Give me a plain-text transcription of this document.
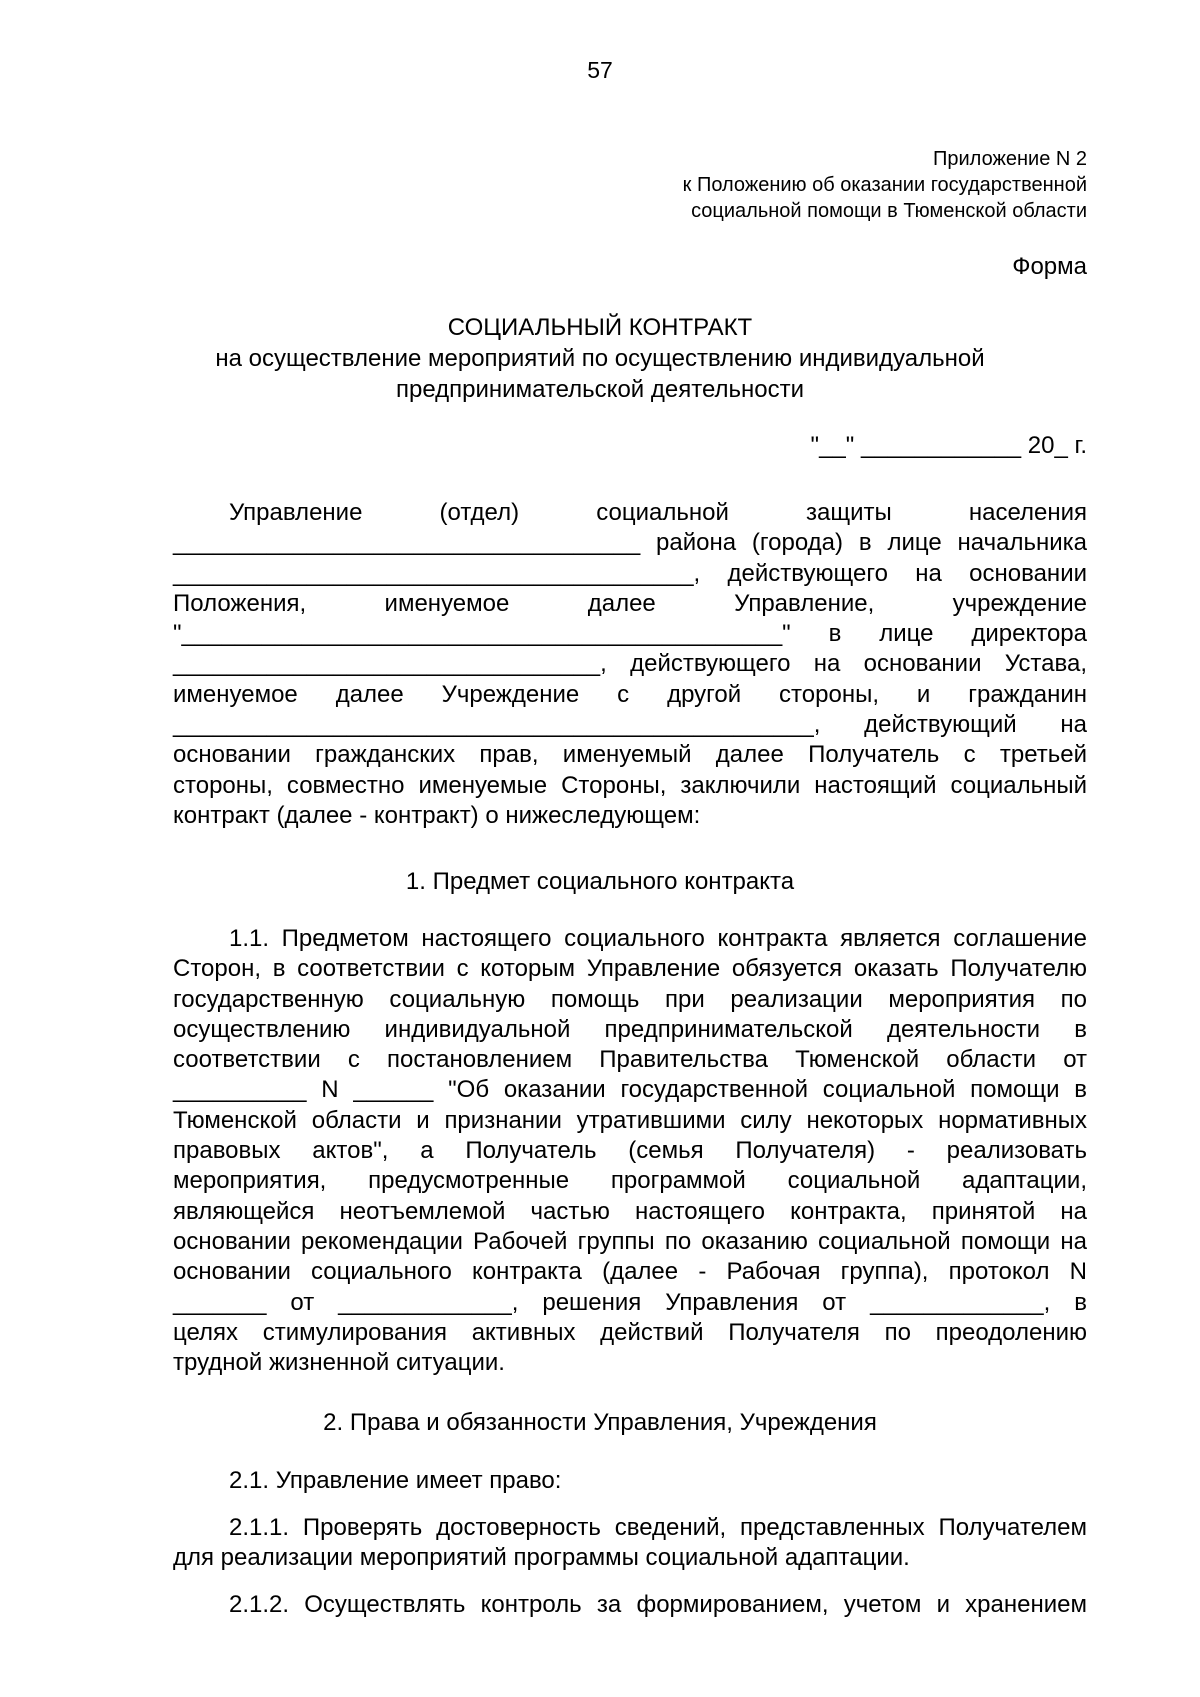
57
Приложение N 2
к Положению об оказании государственной
социальной помощи в Тюменской области
Форма
СОЦИАЛЬНЫЙ КОНТРАКТ
на осуществление мероприятий по осуществлению индивидуальной
предпринимательской деятельности
"__" ____________ 20_ г.
Управление (отдел) социальной защиты населения
___________________________________ района (города) в лице начальника
_______________________________________, действующего на основании
Положения, именуемое далее Управление, учреждение
"_____________________________________________" в лице директора
________________________________, действующего на основании Устава,
именуемое далее Учреждение с другой стороны, и гражданин
________________________________________________, действующий на
основании гражданских прав, именуемый далее Получатель с третьей
стороны, совместно именуемые Стороны, заключили настоящий социальный
контракт (далее - контракт) о нижеследующем:
1. Предмет социального контракта
1.1. Предметом настоящего социального контракта является соглашение
Сторон, в соответствии с которым Управление обязуется оказать Получателю
государственную социальную помощь при реализации мероприятия по
осуществлению индивидуальной предпринимательской деятельности в
соответствии с постановлением Правительства Тюменской области от
__________ N ______ "Об оказании государственной социальной помощи в
Тюменской области и признании утратившими силу некоторых нормативных
правовых актов", а Получатель (семья Получателя) - реализовать
мероприятия, предусмотренные программой социальной адаптации,
являющейся неотъемлемой частью настоящего контракта, принятой на
основании рекомендации Рабочей группы по оказанию социальной помощи на
основании социального контракта (далее - Рабочая группа), протокол N
_______ от _____________, решения Управления от _____________, в
целях стимулирования активных действий Получателя по преодолению
трудной жизненной ситуации.
2. Права и обязанности Управления, Учреждения
2.1. Управление имеет право:
2.1.1. Проверять достоверность сведений, представленных Получателем
для реализации мероприятий программы социальной адаптации.
2.1.2. Осуществлять контроль за формированием, учетом и хранением
